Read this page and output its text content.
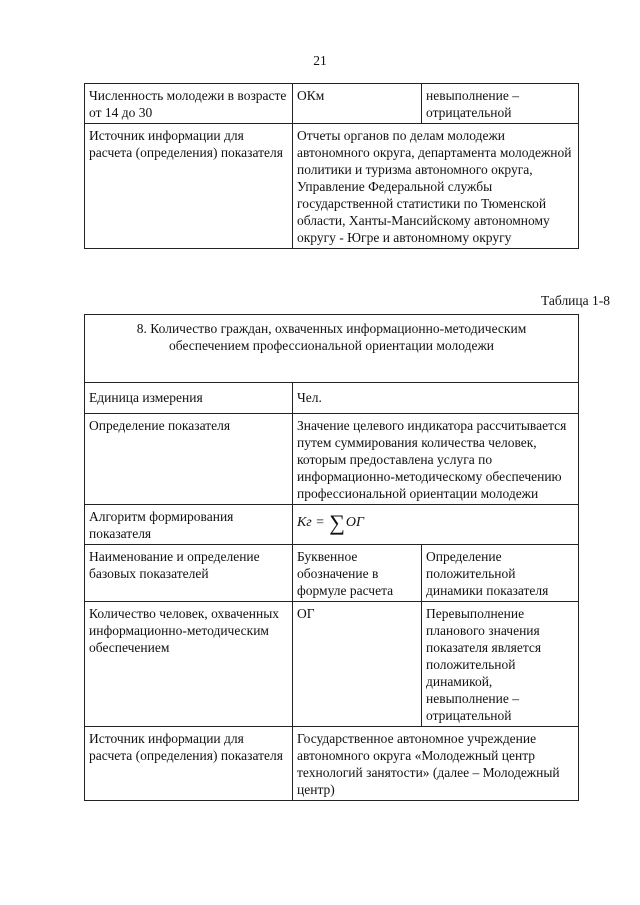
21
Численность молодежи в возрасте от 14 до 30	ОКм	невыполнение – отрицательной
Источник информации для расчета (определения) показателя	Отчеты органов по делам молодежи автономного округа, департамента молодежной политики и туризма автономного округа, Управление Федеральной службы государственной статистики по Тюменской области, Ханты-Мансийскому автономному округу - Югре и автономному округу	
Таблица 1-8
8. Количество граждан, охваченных информационно-методическим обеспечением профессиональной ориентации молодежи		
Единица измерения	Чел.	
Определение показателя	Значение целевого индикатора рассчитывается путем суммирования количества человек, которым предоставлена услуга по информационно-методическому обеспечению профессиональной ориентации молодежи	
Алгоритм формирования показателя	Кг
=
∑ ОГ	

Наименование и определение базовых показателей	Буквенное обозначение в формуле расчета	Определение положительной динамики показателя
Количество человек, охваченных информационно-методическим обеспечением	ОГ	Перевыполнение планового значения показателя является положительной динамикой, невыполнение – отрицательной
Источник информации для расчета (определения) показателя	Государственное автономное учреждение автономного округа «Молодежный центр технологий занятости» (далее – Молодежный центр)	
